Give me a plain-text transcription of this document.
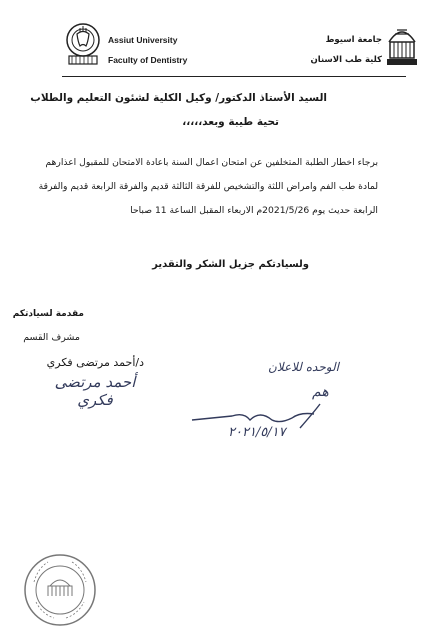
Assiut University
Faculty of Dentistry
جامعة اسيوط
كلية طب الاسنان
السيد الأستاذ الدكتور/ وكيل الكلية لشئون التعليم والطلاب
تحية طيبة وبعد،،،،،
برجاء اخطار الطلبة المتخلفين عن امتحان اعمال السنة باعادة الامتحان للمقبول اعذارهم
لمادة طب الفم وامراض اللثة والتشخيص للفرقة الثالثة قديم والفرقة الرابعة قديم والفرقة
الرابعة حديث يوم 2021/5/26م الاربعاء المقبل الساعة 11 صباحا
ولسيادتكم جزيل الشكر والتقدير
مقدمة لسيادتكم
مشرف القسم
د/أحمد مرتضى فكري
أحمد مرتضى فكري
الوحده للاعلان
هم
٢٠٢١/٥/١٧
